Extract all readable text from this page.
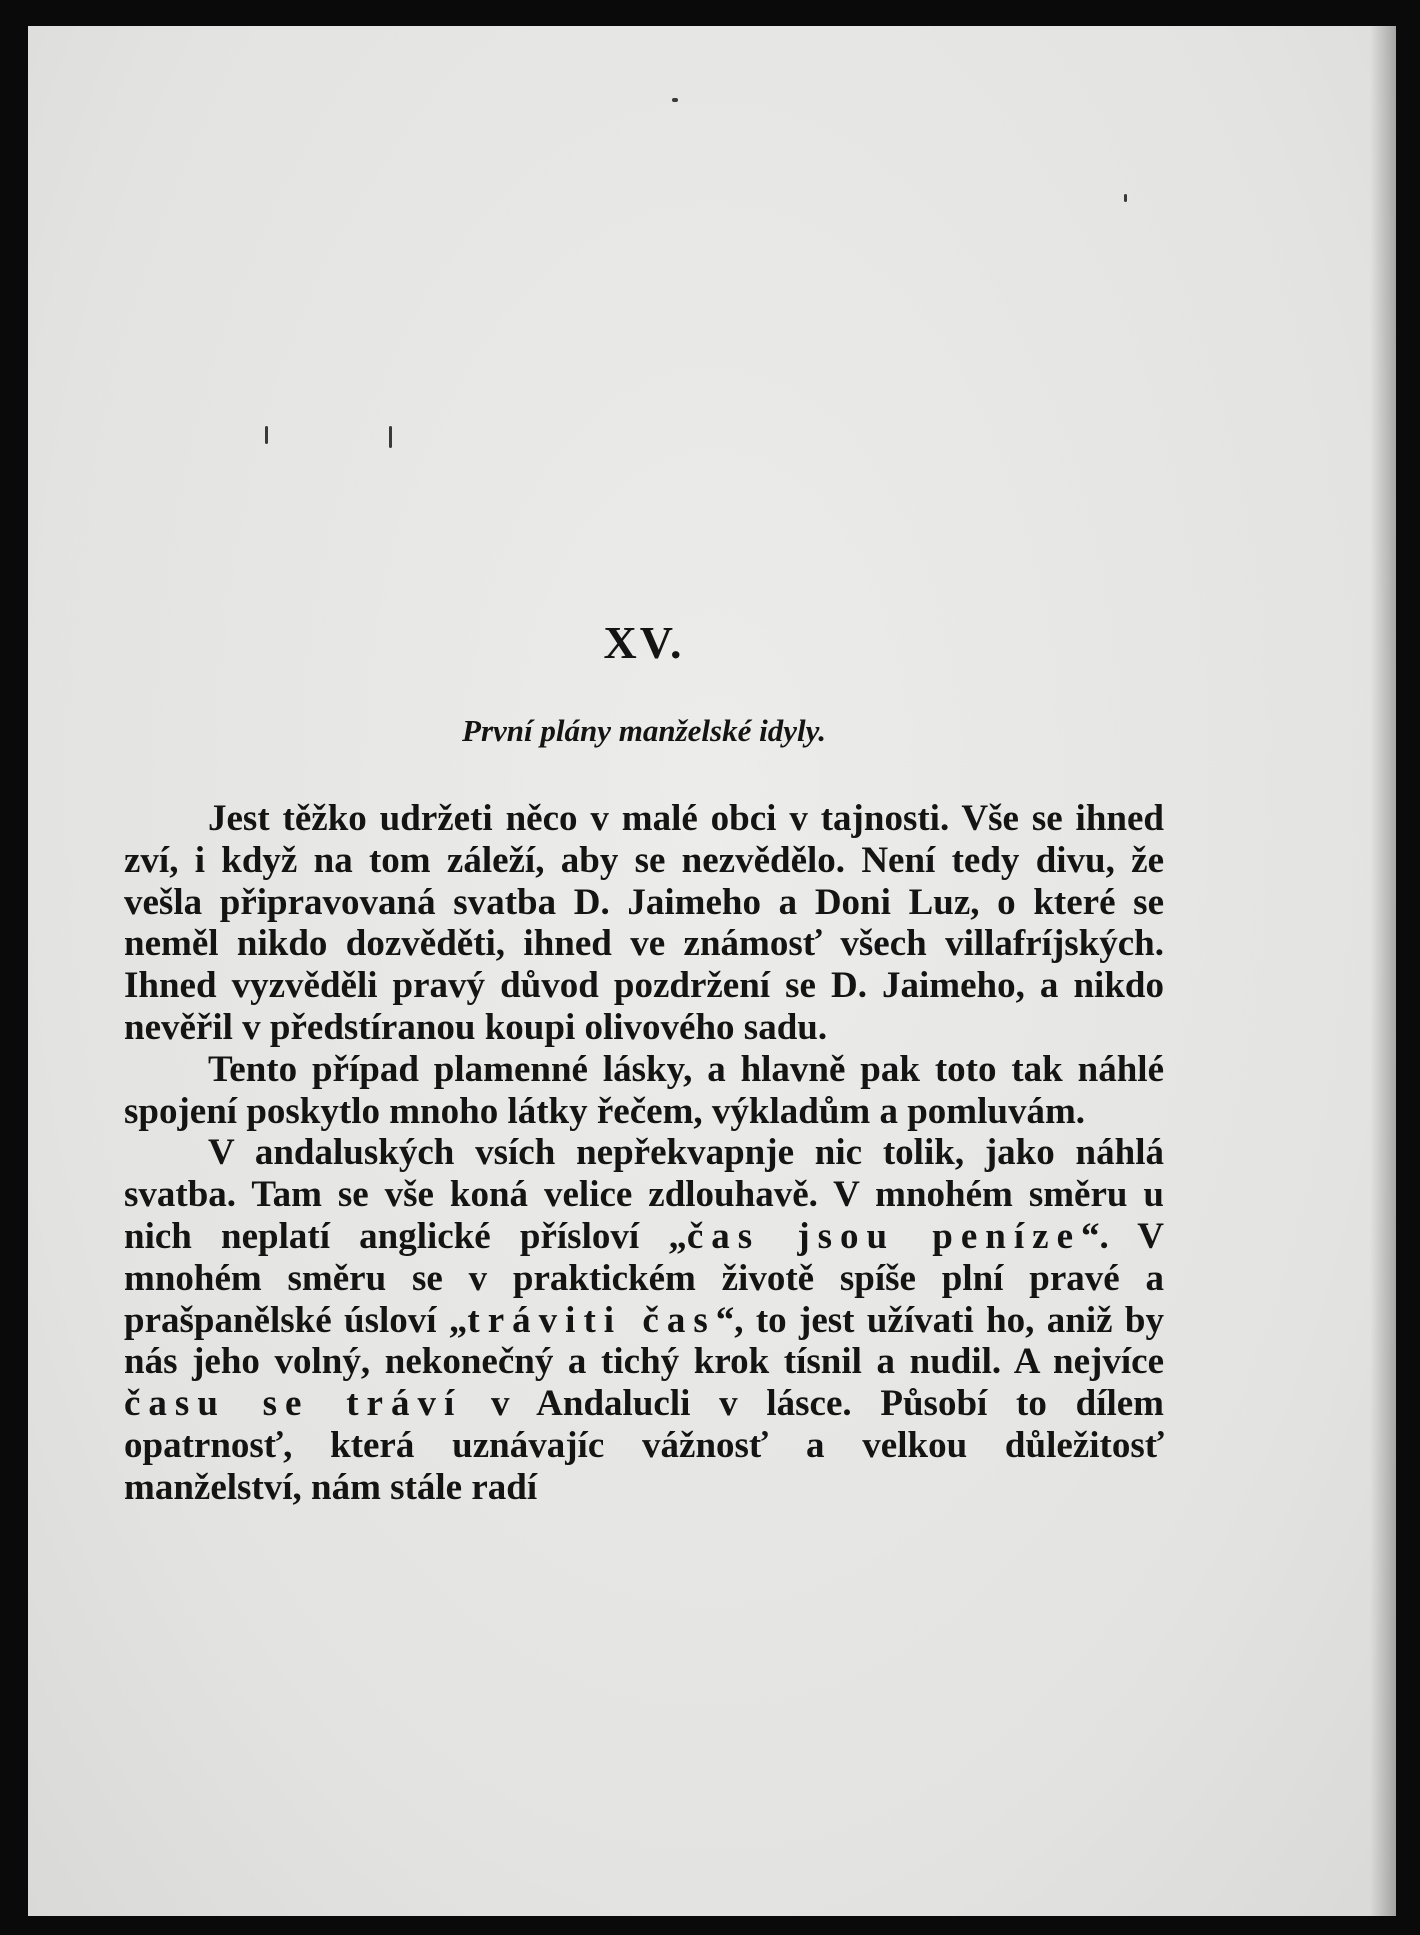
XV.
První plány manželské idyly.

Jest těžko udržeti něco v malé obci v tajnosti. Vše se ihned zví, i když na tom záleží, aby se nezvědělo. Není tedy divu, že vešla připravovaná svatba D. Jaimeho a Doni Luz, o které se neměl nikdo dozvěděti, ihned ve známosť všech villafríjských. Ihned vyzvěděli pravý důvod pozdržení se D. Jaimeho, a nikdo nevěřil v předstíranou koupi olivového sadu.

Tento případ plamenné lásky, a hlavně pak toto tak náhlé spojení poskytlo mnoho látky řečem, výkladům a pomluvám.

V andaluských vsích nepřekvapnje nic tolik, jako náhlá svatba. Tam se vše koná velice zdlouhavě. V mnohém směru u nich neplatí anglické přísloví „čas jsou peníze“. V mnohém směru se v praktickém životě spíše plní pravé a prašpanělské úsloví „tráviti čas“, to jest užívati ho, aniž by nás jeho volný, nekonečný a tichý krok tísnil a nudil. A nejvíce času se tráví v Andalucli v lásce. Působí to dílem opatrnosť, která uznávajíc vážnosť a velkou důležitosť manželství, nám stále radí
